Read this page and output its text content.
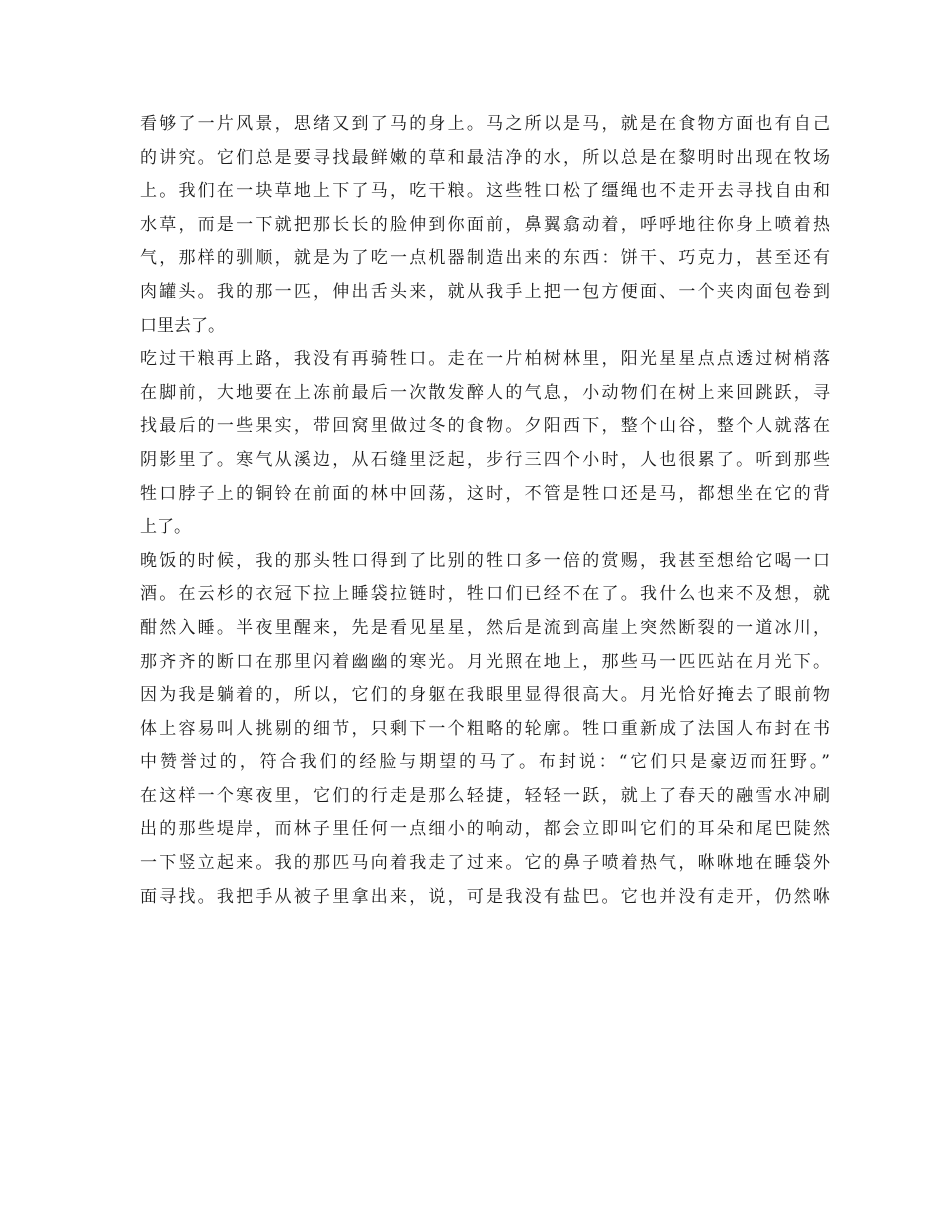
看够了一片风景，思绪又到了马的身上。马之所以是马，就是在食物方面也有自己
的讲究。它们总是要寻找最鲜嫩的草和最洁净的水，所以总是在黎明时出现在牧场
上。我们在一块草地上下了马，吃干粮。这些牲口松了缰绳也不走开去寻找自由和
水草，而是一下就把那长长的脸伸到你面前，鼻翼翕动着，呼呼地往你身上喷着热
气，那样的驯顺，就是为了吃一点机器制造出来的东西：饼干、巧克力，甚至还有
肉罐头。我的那一匹，伸出舌头来，就从我手上把一包方便面、一个夹肉面包卷到
口里去了。
吃过干粮再上路，我没有再骑牲口。走在一片柏树林里，阳光星星点点透过树梢落
在脚前，大地要在上冻前最后一次散发醉人的气息，小动物们在树上来回跳跃，寻
找最后的一些果实，带回窝里做过冬的食物。夕阳西下，整个山谷，整个人就落在
阴影里了。寒气从溪边，从石缝里泛起，步行三四个小时，人也很累了。听到那些
牲口脖子上的铜铃在前面的林中回荡，这时，不管是牲口还是马，都想坐在它的背
上了。
晚饭的时候，我的那头牲口得到了比别的牲口多一倍的赏赐，我甚至想给它喝一口
酒。在云杉的衣冠下拉上睡袋拉链时，牲口们已经不在了。我什么也来不及想，就
酣然入睡。半夜里醒来，先是看见星星，然后是流到高崖上突然断裂的一道冰川，
那齐齐的断口在那里闪着幽幽的寒光。月光照在地上，那些马一匹匹站在月光下。
因为我是躺着的，所以，它们的身躯在我眼里显得很高大。月光恰好掩去了眼前物
体上容易叫人挑剔的细节，只剩下一个粗略的轮廓。牲口重新成了法国人布封在书
中赞誉过的，符合我们的经脸与期望的马了。布封说：“它们只是豪迈而狂野。”
在这样一个寒夜里，它们的行走是那么轻捷，轻轻一跃，就上了春天的融雪水冲刷
出的那些堤岸，而林子里任何一点细小的响动，都会立即叫它们的耳朵和尾巴陡然
一下竖立起来。我的那匹马向着我走了过来。它的鼻子喷着热气，咻咻地在睡袋外
面寻找。我把手从被子里拿出来，说，可是我没有盐巴。它也并没有走开，仍然咻
